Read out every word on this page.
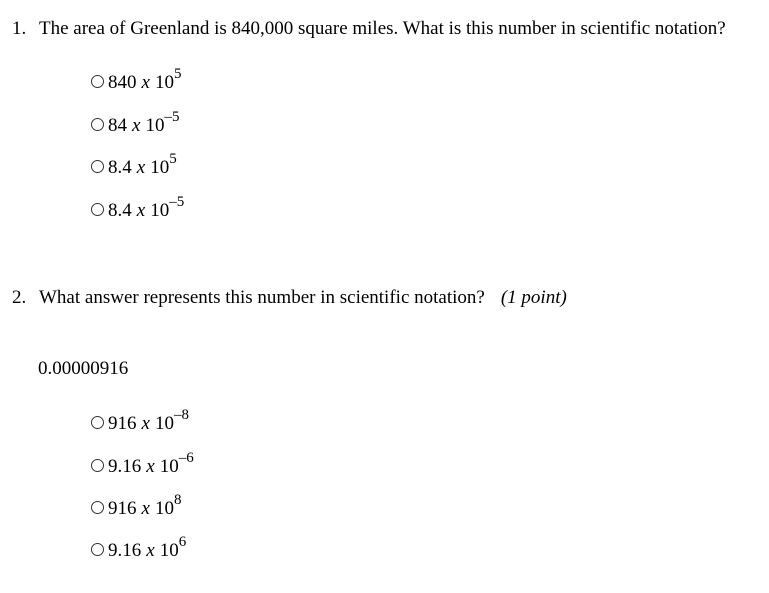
1. The area of Greenland is 840,000 square miles. What is this number in scientific notation?
840 x $10^5$
84 x $10^{-5}$
8.4 x $10^5$
8.4 x $10^{-5}$
2. What answer represents this number in scientific notation? (1 point)
0.00000916
916 x $10^{-8}$
9.16 x $10^{-6}$
916 x $10^8$
9.16 x $10^6$
